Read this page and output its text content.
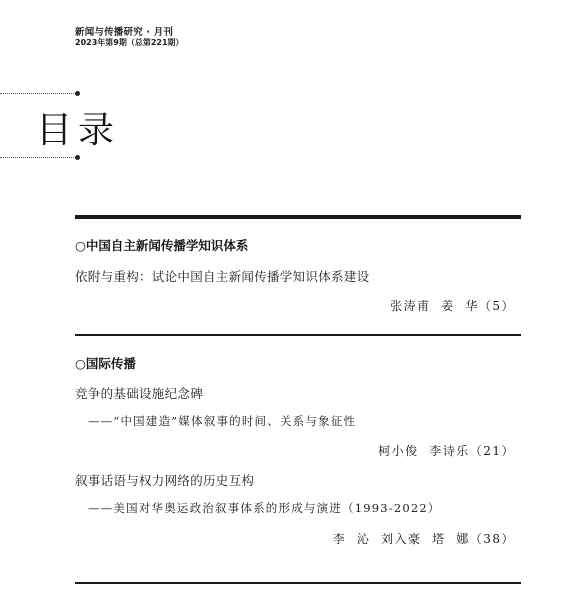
新闻与传播研究 · 月刊
2023年第9期（总第221期）
目录
○中国自主新闻传播学知识体系
依附与重构：试论中国自主新闻传播学知识体系建设
张涛甫  姜  华（5）
○国际传播
竞争的基础设施纪念碑
——“中国建造”媒体叙事的时间、关系与象征性
柯小俊  李诗乐（21）
叙事话语与权力网络的历史互构
——美国对华奥运政治叙事体系的形成与演进（1993-2022）
李  沁  刘入豪  塔  娜（38）
